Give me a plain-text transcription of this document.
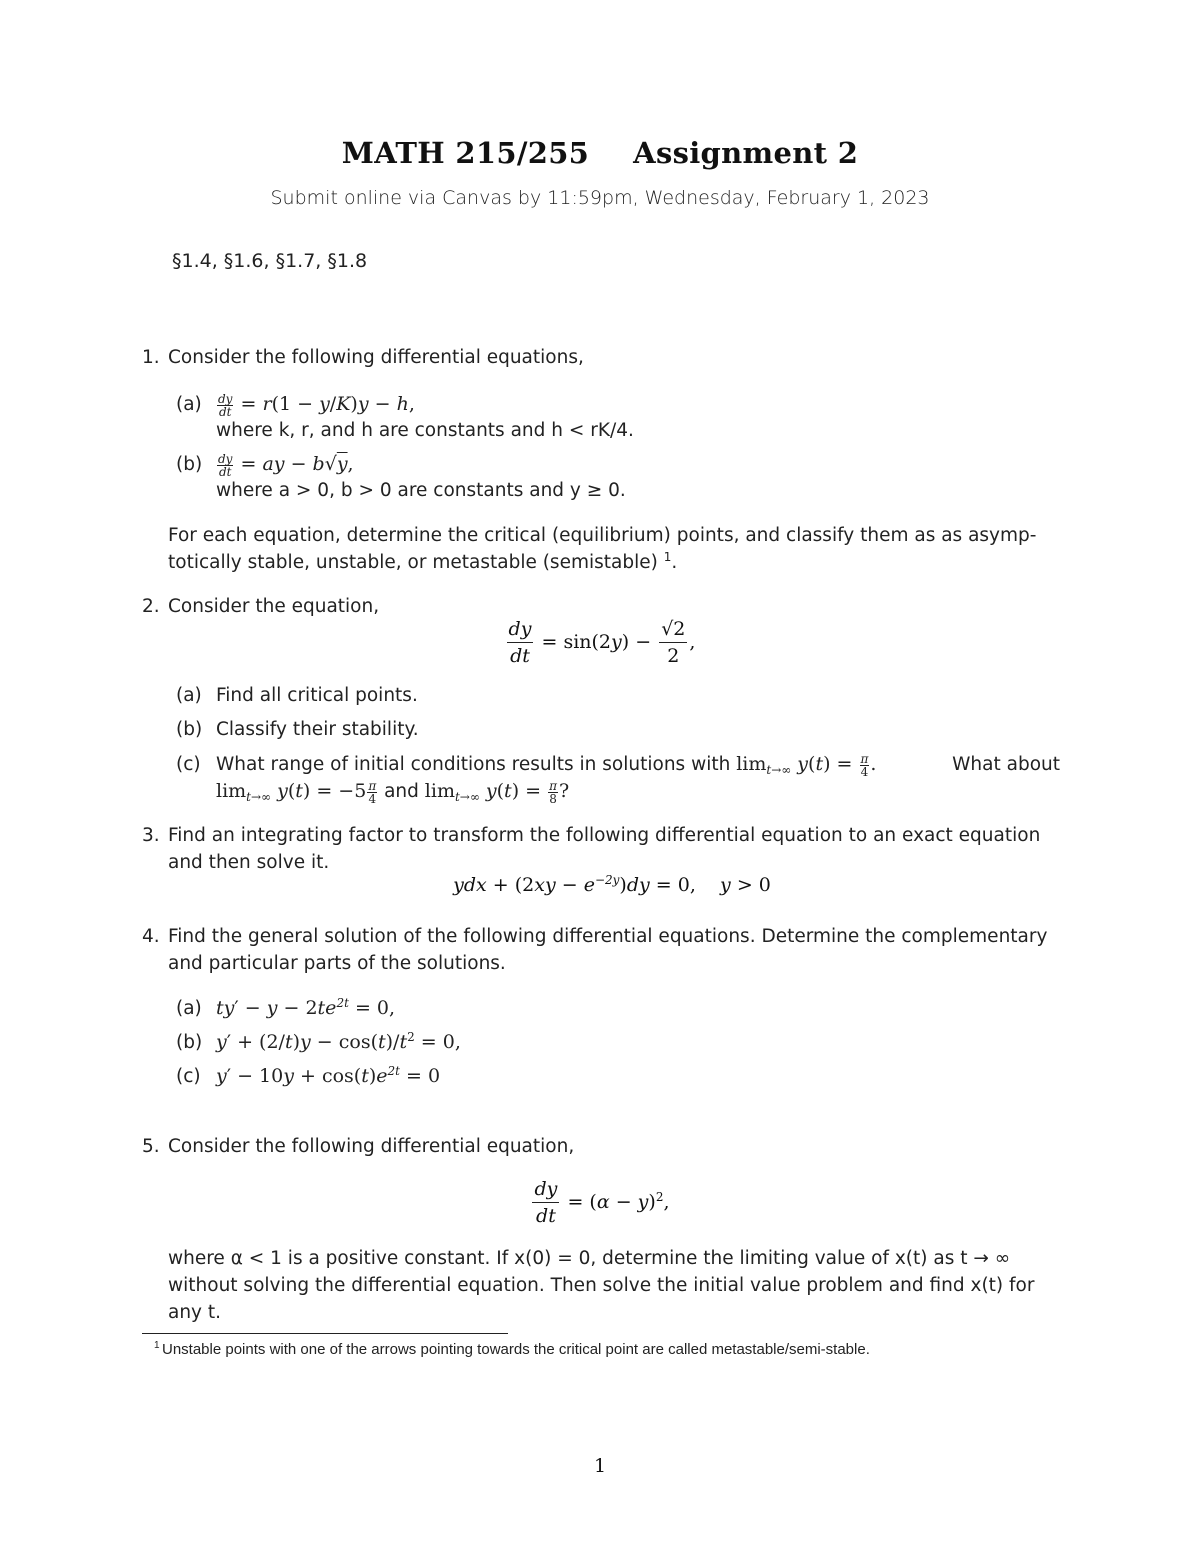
MATH 215/255 Assignment 2
Submit online via Canvas by 11:59pm, Wednesday, February 1, 2023
§1.4, §1.6, §1.7, §1.8
1. Consider the following differential equations,
$(a) \frac{dy}{dt} = r(1 - y/K)y - h$,
where k, r, and h are constants and h < rK/4.
$(b) \frac{dy}{dt}$ = ay − b√y,
where a > 0, b > 0 are constants and y ≥ 0.
For each equation, determine the critical (equilibrium) points, and classify them as as asymp-
totically stable, unstable, or metastable (semistable) $^1$.
2. Consider the equation,
$\frac{dy}{dt} = \sin(2y) - \frac{√2}{2}$ ,
(a) Find all critical points.
(b) Classify their stability.
(c) What range of initial conditions results in solutions with $\lim_{t\to\infty} y(t) = \frac{\pi}{4}$ .	What about
$\lim_{t\to\infty} y(t) = -5 \frac{\pi}{4}$ and $\lim_{t\to\infty} y(t) = \frac{\pi}{8}$ ?
3. Find an integrating factor to transform the following differential equation to an exact equation
and then solve it.
ydx + $(2xy - e^{-2y})dy = 0$,    y > 0
4. Find the general solution of the following differential equations. Determine the complementary
and particular parts of the solutions.
(a) $ty' - y - 2te^{2t} = 0$,
(b) $y' + (2/t)y - \cos(t)/t^2 = 0$,
(c) $y' - 10y + \cos(t)e^{2t} = 0$
5. Consider the following differential equation,
$\frac{dy}{dt} = (\alpha - y)^2$,
where α < 1 is a positive constant. If x(0) = 0, determine the limiting value of x(t) as t → ∞
without solving the differential equation. Then solve the initial value problem and find x(t) for
any t.
1 Unstable points with one of the arrows pointing towards the critical point are called metastable/semi-stable.
1
